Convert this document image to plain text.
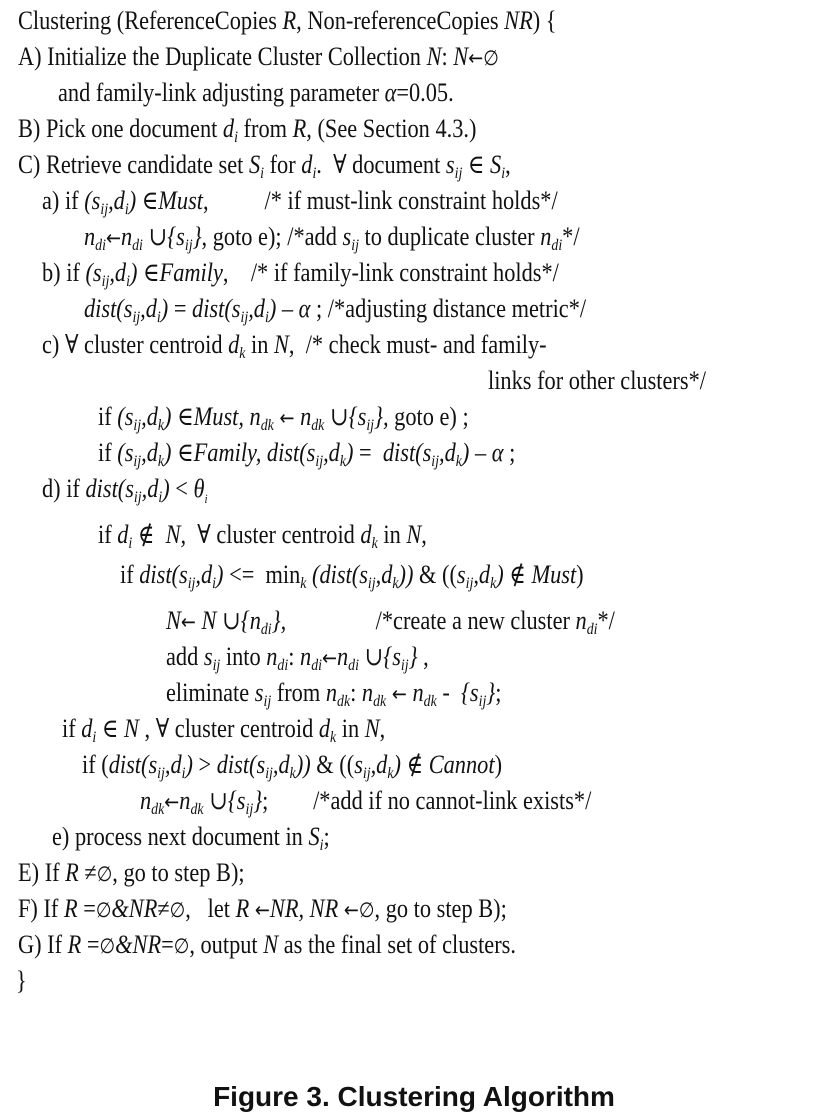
Clustering (ReferenceCopies R, Non-referenceCopies NR) {
A) Initialize the Duplicate Cluster Collection N: N←∅
and family-link adjusting parameter α=0.05.
B) Pick one document $d_i$ from R, (See Section 4.3.)
C) Retrieve candidate set $S_i$ for $d_i$.  ∀ document $s_{ij}$ ∈ $S_i$,
a) if $(s_{ij},d_i)$ ∈Must,          /* if must-link constraint holds*/
$n_{di}\leftarrow n_{di}$ $\cup\{s_{ij}\}$, goto e); /*add $s_{ij}$ to duplicate cluster $n_{di}*/$
b) if $(s_{ij},d_i)$ ∈Family,    /* if family-link constraint holds*/
$dist(s_{ij},d_i)$ = $dist(s_{ij},d_i)$ – α ; /*adjusting distance metric*/
c) ∀ cluster centroid $d_k$ in N,  /* check must- and family-
links for other clusters*/
if $(s_{ij},d_k)$ ∈Must, $n_{dk}$ ← $n_{dk}$ $\cup\{s_{ij}\}$, goto e) ;
if $(s_{ij},d_k)$ ∈Family, $dist(s_{ij},d_k)$ =  $dist(s_{ij},d_k)$ – α ;
d) if $dist(s_{ij},d_i) < \theta_i$
if $d_i$ ∉  N,  ∀ cluster centroid $d_k$ in N,
if $dist(s_{ij},d_i) <= \min_k$ $(dist(s_{ij},d_k))$ & ($(s_{ij},d_k)$ ∉ Must)
N← N $\cup\{n_{di}\}$,                /*create a new cluster $n_{di}*/$
add $s_{ij}$ into $n_{di}$: $n_{di}\leftarrow n_{di}$ $\cup\{s_{ij}\}$ ,
eliminate $s_{ij}$ from $n_{dk}$: $n_{dk}$ ← $n_{dk} - \{s_{ij}\}$;
if $d_i$ ∈ N , ∀ cluster centroid $d_k$ in N,
if ($dist(s_{ij},d_i)$ > $dist(s_{ij},d_k)$) & ($(s_{ij},d_k)$ ∉ Cannot)
$n_{dk}\leftarrow n_{dk}$ $\cup\{s_{ij}\}$;        /*add if no cannot-link exists*/
e) process next document in $S_i$;
E) If R ≠∅, go to step B);
F) If R =∅&NR≠∅,   let R ←NR, NR ←∅, go to step B);
G) If R =∅&NR=∅, output N as the final set of clusters.
}
Figure 3. Clustering Algorithm
